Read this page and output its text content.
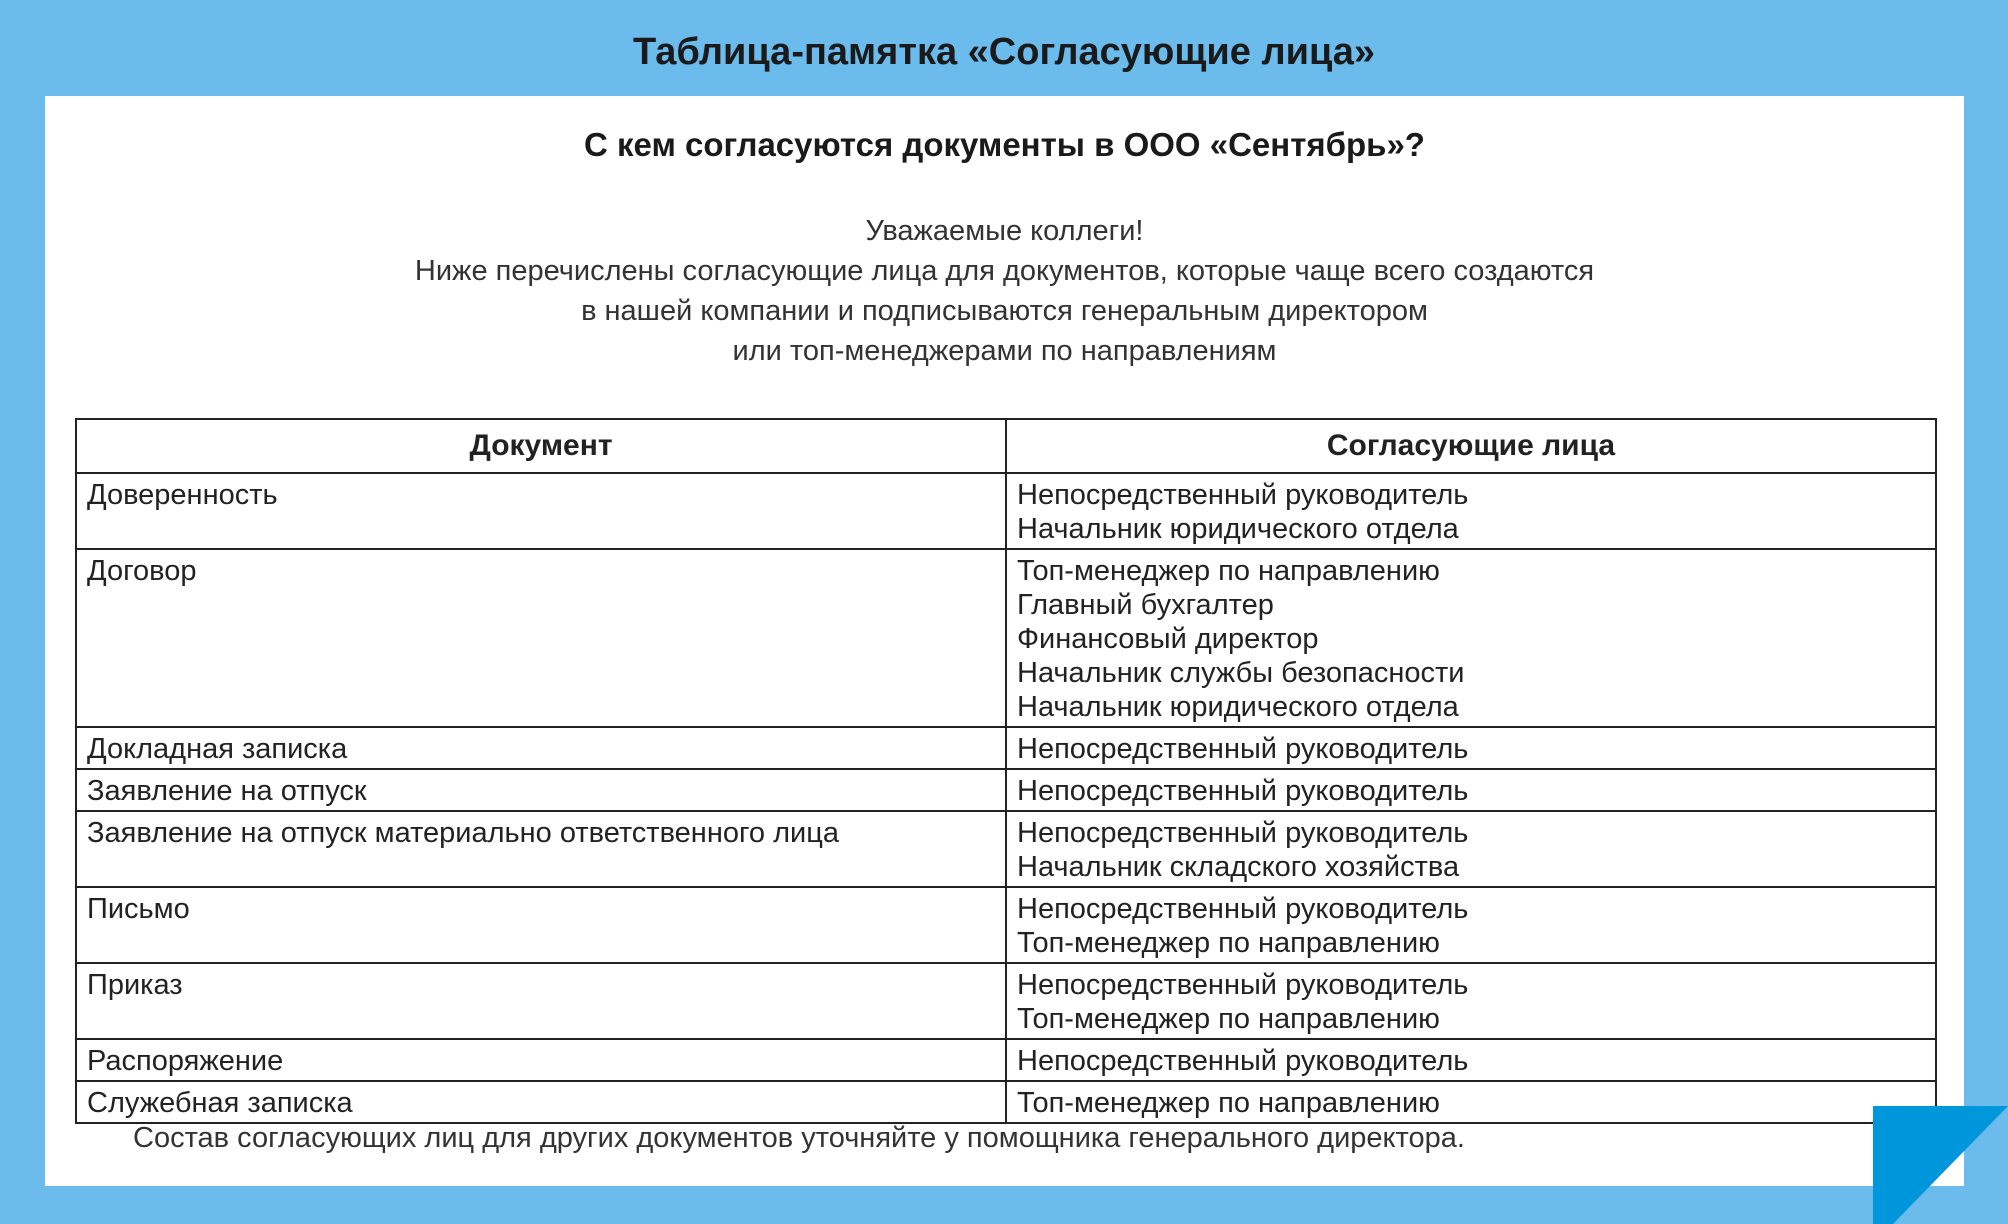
Таблица-памятка «Согласующие лица»
С кем согласуются документы в ООО «Сентябрь»?
Уважаемые коллеги!
Ниже перечислены согласующие лица для документов, которые чаще всего создаются
в нашей компании и подписываются генеральным директором
или топ-менеджерами по направлениям
Документ	Согласующие лица
Доверенность	Непосредственный руководитель
Начальник юридического отдела

Договор	Топ-менеджер по направлению
Главный бухгалтер
Финансовый директор
Начальник службы безопасности
Начальник юридического отдела

Докладная записка	Непосредственный руководитель

Заявление на отпуск	Непосредственный руководитель

Заявление на отпуск материально ответственного лица	Непосредственный руководитель
Начальник складского хозяйства

Письмо	Непосредственный руководитель
Топ-менеджер по направлению

Приказ	Непосредственный руководитель
Топ-менеджер по направлению

Распоряжение	Непосредственный руководитель

Служебная записка	Топ-менеджер по направлению
Состав согласующих лиц для других документов уточняйте у помощника генерального директора.
